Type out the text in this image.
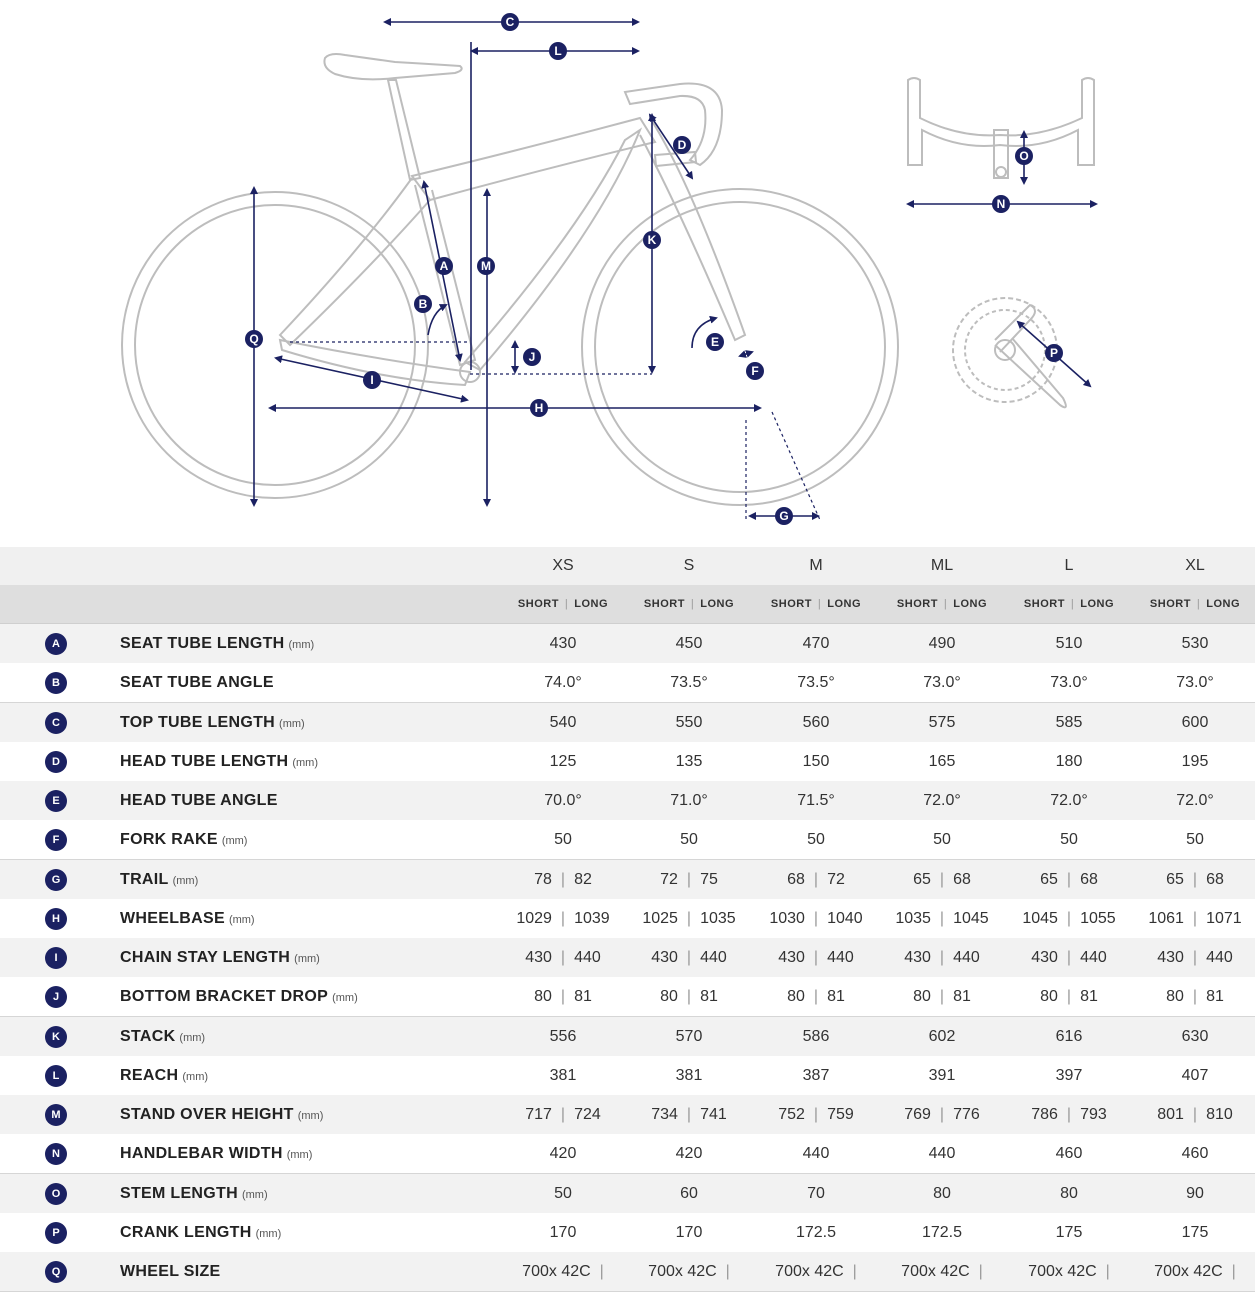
C
L
D
K
A	M
B
Q	E
J
F
I
H
G
O
N
P
XS	S	M	ML	L	XL
SHORT | LONG	SHORT | LONG	SHORT | LONG	SHORT | LONG	SHORT | LONG	SHORT | LONG
A	SEAT TUBE LENGTH (mm)	430	450	470	490	510	530
B	SEAT TUBE ANGLE	74.0°	73.5°	73.5°	73.0°	73.0°	73.0°
C	TOP TUBE LENGTH (mm)	540	550	560	575	585	600
D	HEAD TUBE LENGTH (mm)	125	135	150	165	180	195
E	HEAD TUBE ANGLE	70.0°	71.0°	71.5°	72.0°	72.0°	72.0°
F	FORK RAKE (mm)	50	50	50	50	50	50
G	TRAIL (mm)	78 | 82	72 | 75	68 | 72	65 | 68	65 | 68	65 | 68
H	WHEELBASE (mm)	1029 | 1039	1025 | 1035	1030 | 1040	1035 | 1045	1045 | 1055	1061 | 1071
I	CHAIN STAY LENGTH (mm)	430 | 440	430 | 440	430 | 440	430 | 440	430 | 440	430 | 440
J	BOTTOM BRACKET DROP (mm)	80 | 81	80 | 81	80 | 81	80 | 81	80 | 81	80 | 81
K	STACK (mm)	556	570	586	602	616	630
L	REACH (mm)	381	381	387	391	397	407
M	STAND OVER HEIGHT (mm)	717 | 724	734 | 741	752 | 759	769 | 776	786 | 793	801 | 810
N	HANDLEBAR WIDTH (mm)	420	420	440	440	460	460
O	STEM LENGTH (mm)	50	60	70	80	80	90
P	CRANK LENGTH (mm)	170	170	172.5	172.5	175	175
Q	WHEEL SIZE	700x 42C |	700x 42C |	700x 42C |	700x 42C |	700x 42C |	700x 42C |
